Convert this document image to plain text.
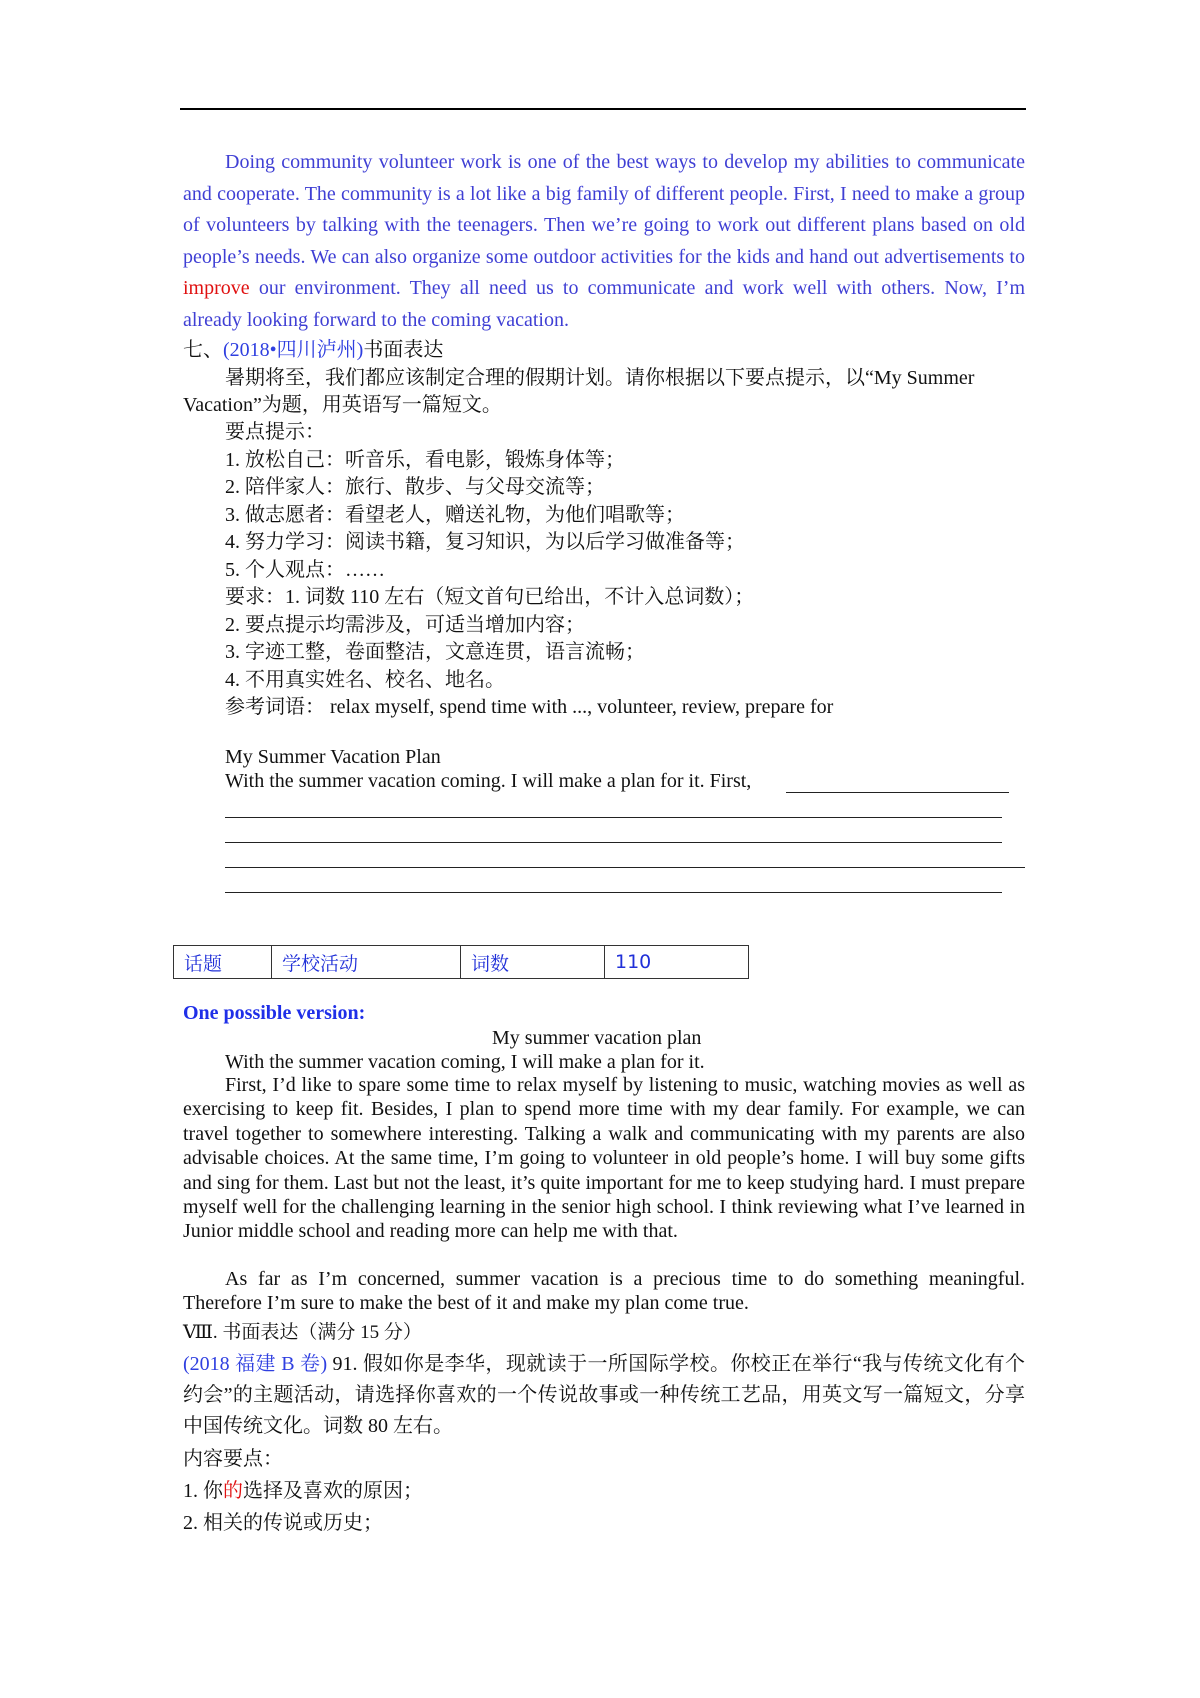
Doing community volunteer work is one of the best ways to develop my abilities to communicate and cooperate. The community is a lot like a big family of different people. First, I need to make a group of volunteers by talking with the teenagers. Then we’re going to work out different plans based on old people’s needs. We can also organize some outdoor activities for the kids and hand out advertisements to improve our environment. They all need us to communicate and work well with others. Now, I’m already looking forward to the coming vacation.
七、(2018•四川泸州)书面表达
暑期将至，我们都应该制定合理的假期计划。请你根据以下要点提示，以“My Summer
Vacation”为题，用英语写一篇短文。
要点提示：
1. 放松自己：听音乐，看电影，锻炼身体等；
2. 陪伴家人：旅行、散步、与父母交流等；
3. 做志愿者：看望老人，赠送礼物，为他们唱歌等；
4. 努力学习：阅读书籍，复习知识，为以后学习做准备等；
5. 个人观点：……
要求：1. 词数 110 左右（短文首句已给出，不计入总词数）；
2. 要点提示均需涉及，可适当增加内容；
3. 字迹工整，卷面整洁，文意连贯，语言流畅；
4. 不用真实姓名、校名、地名。
参考词语： relax myself, spend time with ..., volunteer, review, prepare for
My Summer Vacation Plan
With the summer vacation coming. I will make a plan for it. First,
话题	学校活动	词数	110
One possible version:
My summer vacation plan
With the summer vacation coming, I will make a plan for it.
First, I’d like to spare some time to relax myself by listening to music, watching movies as well as exercising to keep fit. Besides, I plan to spend more time with my dear family. For example, we can travel together to somewhere interesting. Talking a walk and communicating with my parents are also advisable choices. At the same time, I’m going to volunteer in old people’s home. I will buy some gifts and sing for them. Last but not the least, it’s quite important for me to keep studying hard. I must prepare myself well for the challenging learning in the senior high school. I think reviewing what I’ve learned in Junior middle school and reading more can help me with that.
As far as I’m concerned, summer vacation is a precious time to do something meaningful. Therefore I’m sure to make the best of it and make my plan come true.
Ⅷ. 书面表达（满分 15 分）
(2018 福建 B 卷) 91. 假如你是李华，现就读于一所国际学校。你校正在举行“我与传统文化有个约会”的主题活动，请选择你喜欢的一个传说故事或一种传统工艺品，用英文写一篇短文，分享中国传统文化。词数 80 左右。
内容要点：
1. 你的选择及喜欢的原因；
2. 相关的传说或历史；
